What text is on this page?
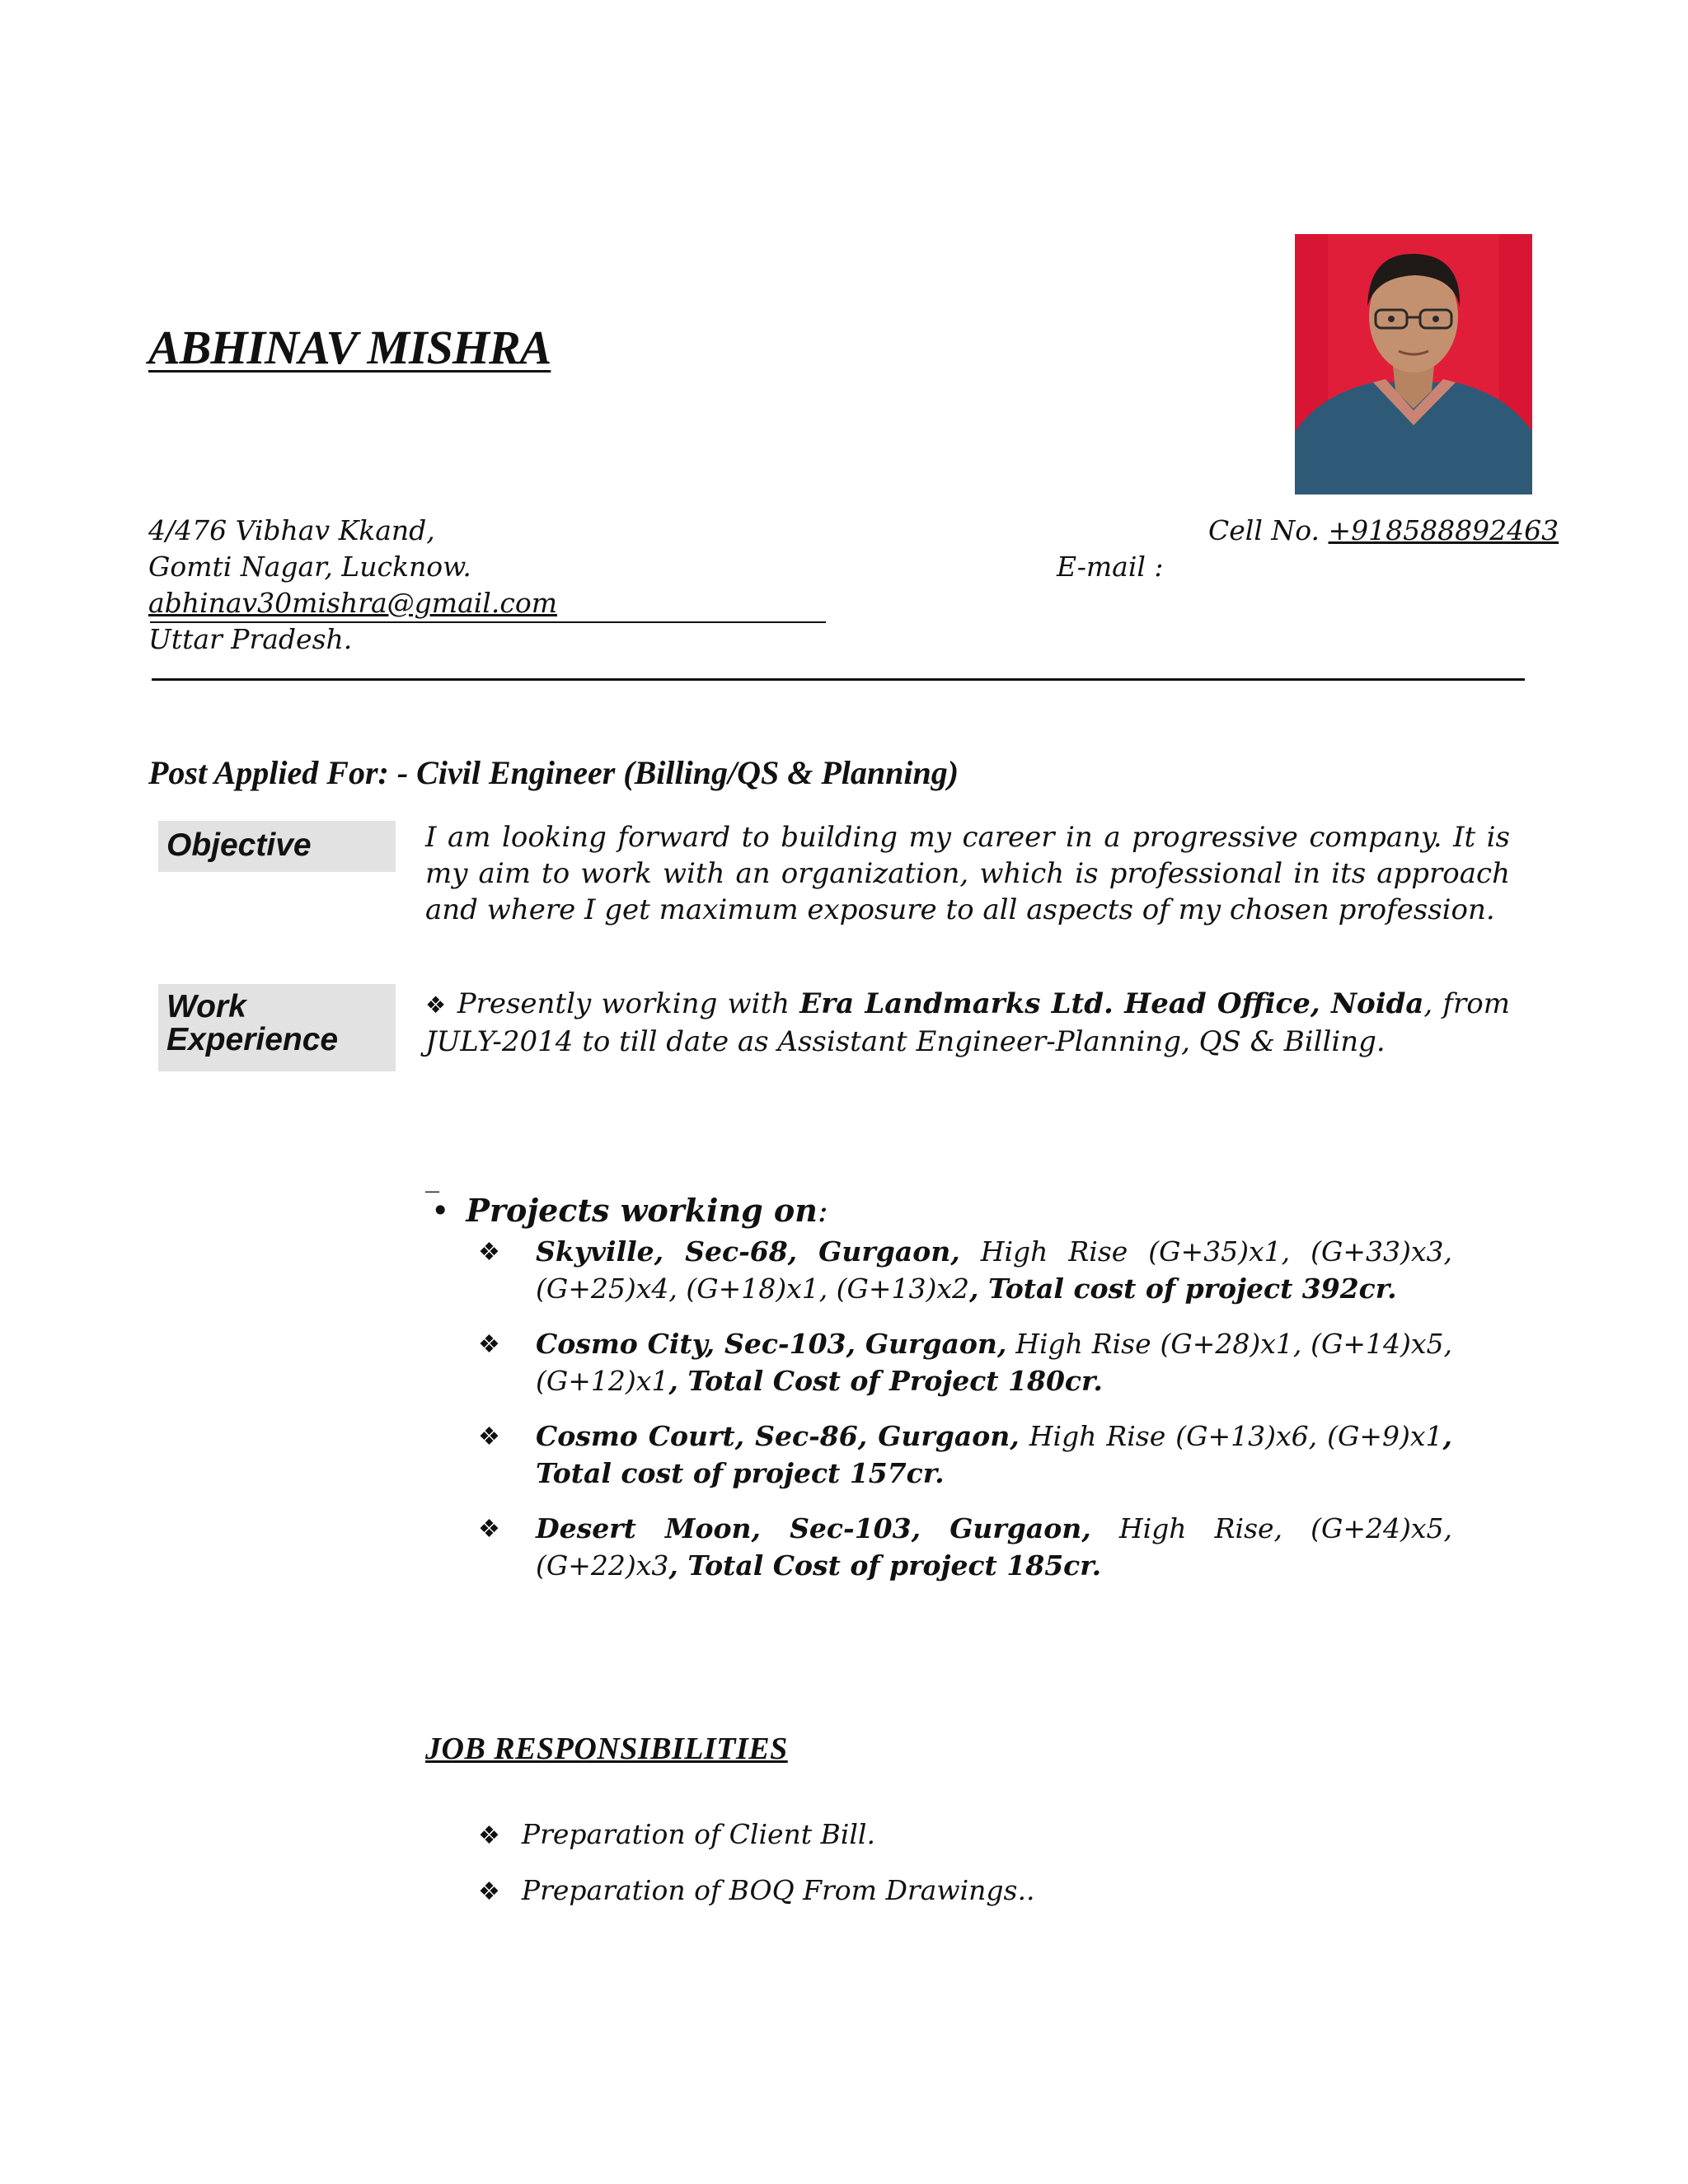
ABHINAV MISHRA
4/476 Vibhav Kkand,
Gomti Nagar, Lucknow.
abhinav30mishra@gmail.com
Uttar Pradesh.
Cell No. +918588892463
E-mail :
Post Applied For: - Civil Engineer (Billing/QS & Planning)
Objective	I am looking forward to building my career in a progressive company. It is my aim to work with an organization, which is professional in its approach and where I get maximum exposure to all aspects of my chosen profession.
Work
Experience
❖ Presently working with Era Landmarks Ltd. Head Office, Noida, from JULY-2014 to till date as Assistant Engineer-Planning, QS & Billing.
_
• Projects working on:
❖ Skyville, Sec-68, Gurgaon, High Rise (G+35)x1, (G+33)x3,(G+25)x4, (G+18)x1, (G+13)x2, Total cost of project 392cr.
❖ Cosmo City, Sec-103, Gurgaon, High Rise (G+28)x1, (G+14)x5, (G+12)x1, Total Cost of Project 180cr.
❖ Cosmo Court, Sec-86, Gurgaon, High Rise (G+13)x6, (G+9)x1, Total cost of project 157cr.
❖ Desert Moon, Sec-103, Gurgaon, High Rise, (G+24)x5, (G+22)x3, Total Cost of project 185cr.
JOB RESPONSIBILITIES
❖ Preparation of Client Bill.
❖ Preparation of BOQ From Drawings..
